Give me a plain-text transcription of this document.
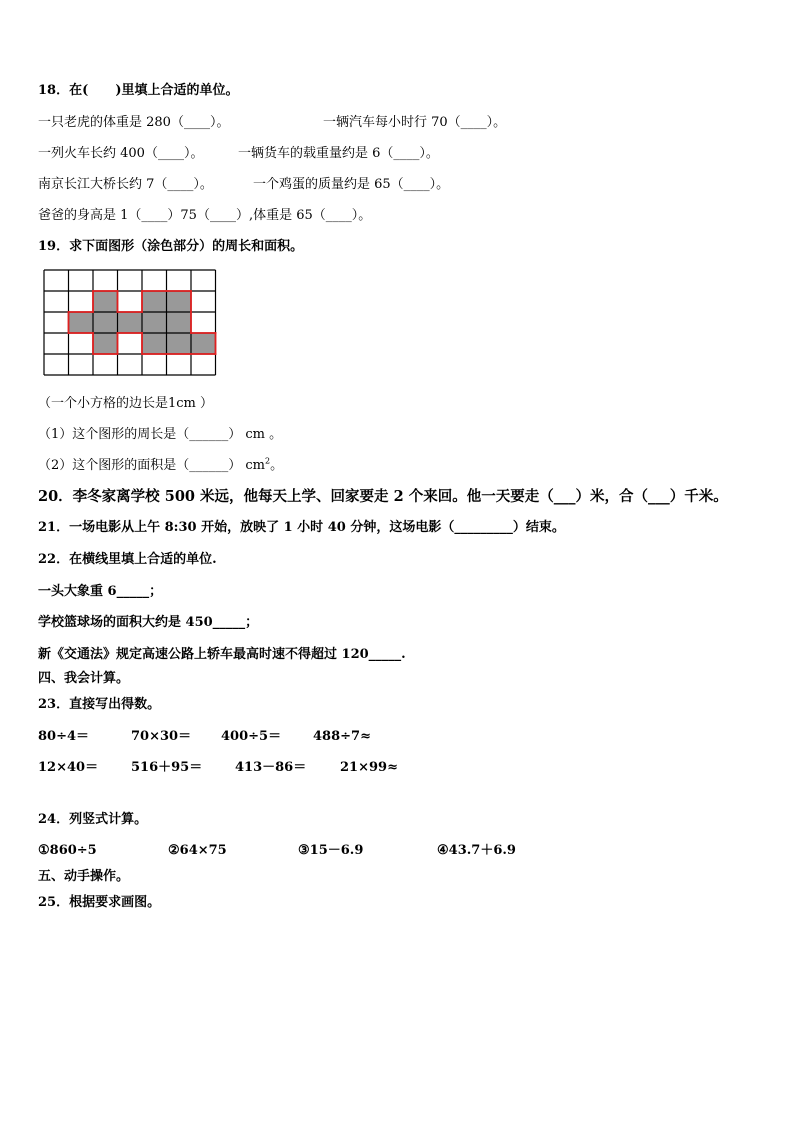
18．在(      )里填上合适的单位。
一只老虎的体重是 280（____）。	一辆汽车每小时行 70（____）。
一列火车长约 400（____）。	一辆货车的载重量约是 6（____）。
南京长江大桥长约 7（____）。	一个鸡蛋的质量约是 65（____）。
爸爸的身高是 1（____）75（____）,体重是 65（____）。
19．求下面图形（涂色部分）的周长和面积。
（一个小方格的边长是1cm ）
（1）这个图形的周长是（______） cm 。
（2）这个图形的面积是（______） $cm^2$。
20．李冬家离学校 500 米远，他每天上学、回家要走 2 个来回。他一天要走（___）米，合（___）千米。
21．一场电影从上午 8:30 开始，放映了 1 小时 40 分钟，这场电影（_________）结束。
22．在横线里填上合适的单位.
一头大象重 6_____；
学校篮球场的面积大约是 450_____；
新《交通法》规定高速公路上轿车最高时速不得超过 120_____.
四、我会计算。
23．直接写出得数。
80÷4＝	70×30＝ 400÷5＝ 488÷7≈
12×40＝	516＋95＝	413－86＝	21×99≈
24．列竖式计算。
①860÷5	②64×75	③15－6.9	④43.7＋6.9
五、动手操作。
25．根据要求画图。
